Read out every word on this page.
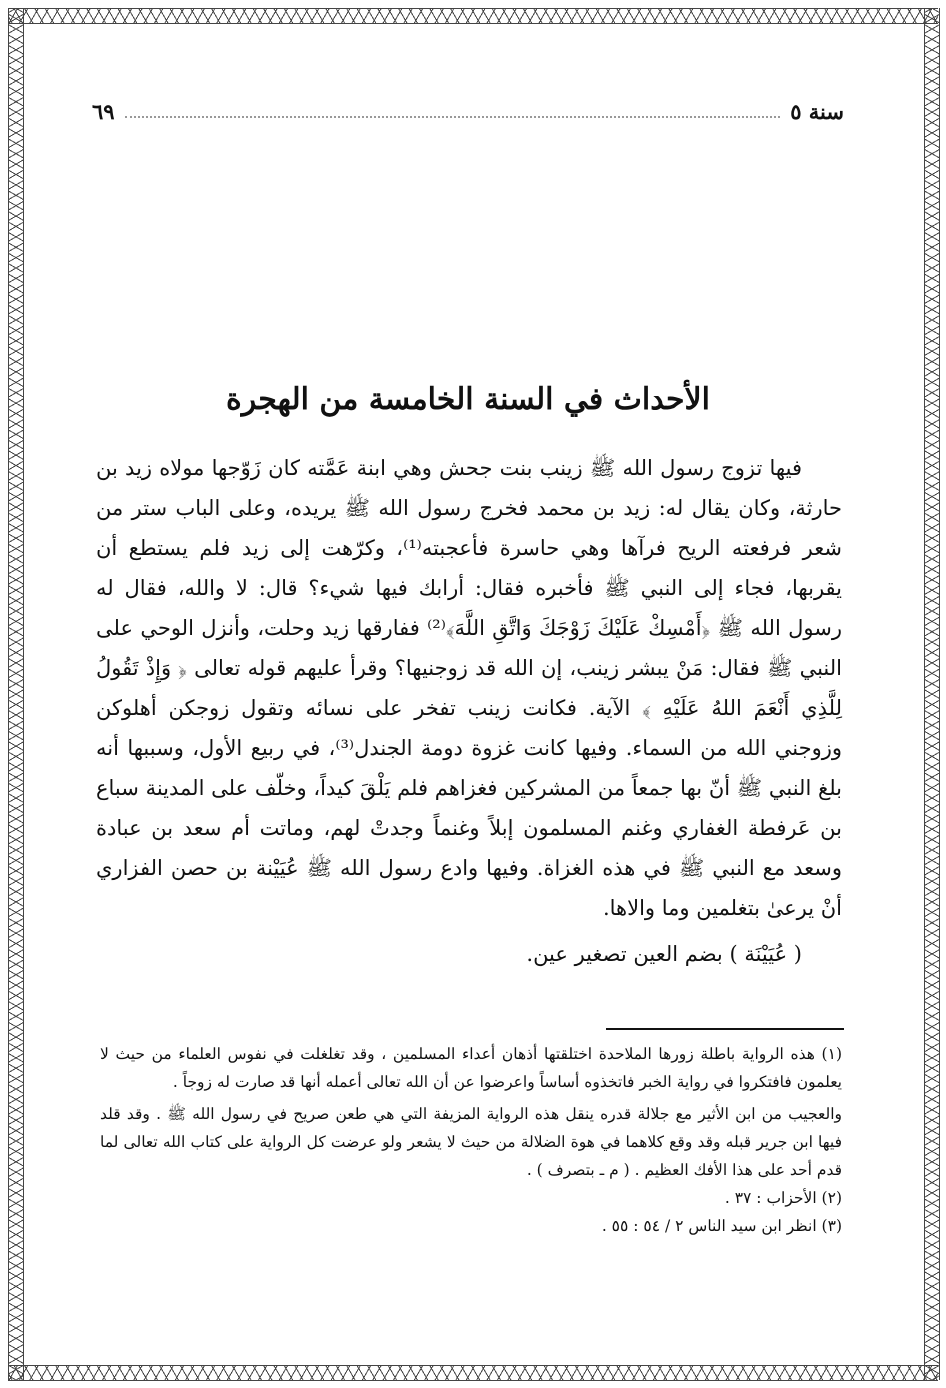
سنة ٥
٦٩
الأحداث في السنة الخامسة من الهجرة

فيها تزوج رسول الله ﷺ زينب بنت جحش وهي ابنة عَمَّته كان زَوّجها مولاه زيد بن حارثة، وكان يقال له: زيد بن محمد فخرج رسول الله ﷺ يريده، وعلى الباب ستر من شعر فرفعته الريح فرآها وهي حاسرة فأعجبته⁽¹⁾، وكرّهت إلى زيد فلم يستطع أن يقربها، فجاء إلى النبي ﷺ فأخبره فقال: أرابك فيها شيء؟ قال: لا والله، فقال له رسول الله ﷺ ﴿أَمْسِكْ عَلَيْكَ زَوْجَكَ وَاتَّقِ اللَّهَ﴾⁽²⁾ ففارقها زيد وحلت، وأنزل الوحي على النبي ﷺ فقال: مَنْ يبشر زينب، إن الله قد زوجنيها؟ وقرأ عليهم قوله تعالى ﴿ وَإِذْ تَقُولُ لِلَّذِي أَنْعَمَ اللهُ عَلَيْهِ ﴾ الآية. فكانت زينب تفخر على نسائه وتقول زوجكن أهلوكن وزوجني الله من السماء. وفيها كانت غزوة دومة الجندل⁽³⁾، في ربيع الأول، وسببها أنه بلغ النبي ﷺ أنّ بها جمعاً من المشركين فغزاهم فلم يَلْقَ كيداً، وخلّف على المدينة سباع بن عَرفطة الغفاري وغنم المسلمون إبلاً وغنماً وجدتْ لهم، وماتت أم سعد بن عبادة وسعد مع النبي ﷺ في هذه الغزاة. وفيها وادع رسول الله ﷺ عُيَيْنة بن حصن الفزاري أنْ يرعىٰ بتغلمين وما والاها.

( عُيَيْنَة ) بضم العين تصغير عين.

(١) هذه الرواية باطلة زورها الملاحدة اختلقتها أذهان أعداء المسلمين ، وقد تغلغلت في نفوس العلماء من حيث لا يعلمون فافتكروا في رواية الخبر فاتخذوه أساساً واعرضوا عن أن الله تعالى أعمله أنها قد صارت له زوجاً .

والعجيب من ابن الأثير مع جلالة قدره ينقل هذه الرواية المزيفة التي هي طعن صريح في رسول الله ﷺ . وقد قلد فيها ابن جرير قبله وقد وقع كلاهما في هوة الضلالة من حيث لا يشعر ولو عرضت كل الرواية على كتاب الله تعالى لما قدم أحد على هذا الأفك العظيم . ( م ـ بتصرف ) .

(٢) الأحزاب : ٣٧ .

(٣) انظر ابن سيد الناس ٢ / ٥٤ : ٥٥ .
